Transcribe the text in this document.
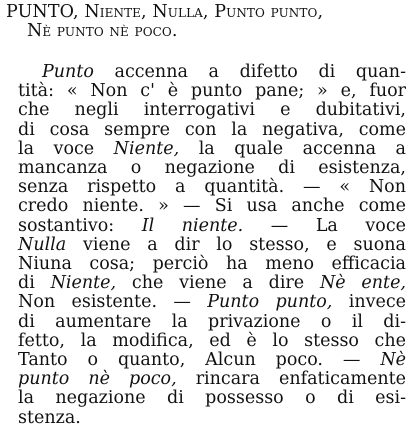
PUNTO, Niente, Nulla, Punto punto,
Nè punto nè poco.
Punto accenna a difetto di quan-
tità: « Non c' è punto pane; » e, fuor
che negli interrogativi e dubitativi,
di cosa sempre con la negativa, come
la voce Niente, la quale accenna a
mancanza o negazione di esistenza,
senza rispetto a quantità. — « Non
credo niente. » — Si usa anche come
sostantivo: Il niente. — La voce
Nulla viene a dir lo stesso, e suona
Niuna cosa; perciò ha meno efficacia
di Niente, che viene a dire Nè ente,
Non esistente. — Punto punto, invece
di aumentare la privazione o il di-
fetto, la modifica, ed è lo stesso che
Tanto o quanto, Alcun poco. — Nè
punto nè poco, rincara enfaticamente
la negazione di possesso o di esi-
stenza.
